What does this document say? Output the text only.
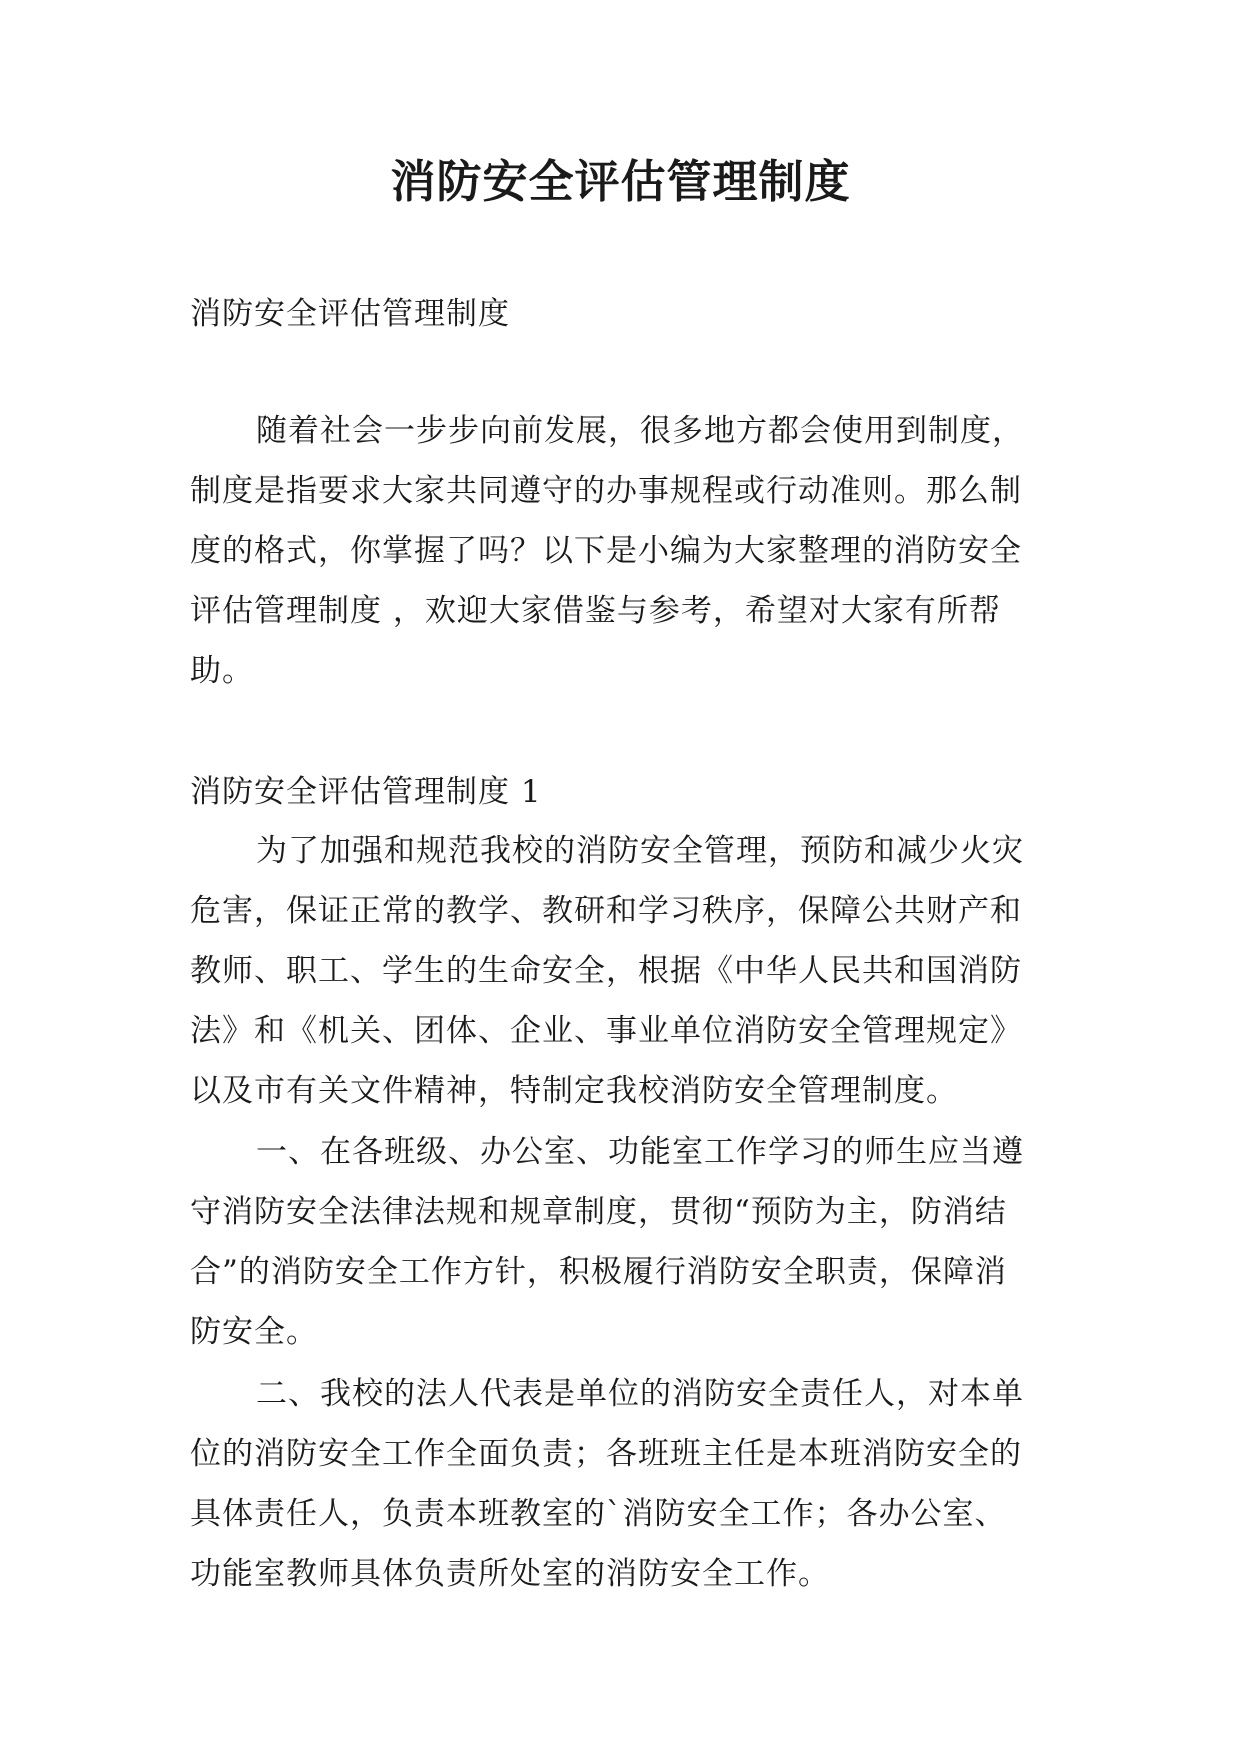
消防安全评估管理制度

消防安全评估管理制度

随着社会一步步向前发展，很多地方都会使用到制度，
制度是指要求大家共同遵守的办事规程或行动准则。那么制
度的格式，你掌握了吗？以下是小编为大家整理的消防安全
评估管理制度 ，欢迎大家借鉴与参考，希望对大家有所帮
助。

消防安全评估管理制度 1

为了加强和规范我校的消防安全管理，预防和减少火灾
危害，保证正常的教学、教研和学习秩序，保障公共财产和
教师、职工、学生的生命安全，根据《中华人民共和国消防
法》和《机关、团体、企业、事业单位消防安全管理规定》
以及市有关文件精神，特制定我校消防安全管理制度。

一、在各班级、办公室、功能室工作学习的师生应当遵
守消防安全法律法规和规章制度，贯彻“预防为主，防消结
合”的消防安全工作方针，积极履行消防安全职责，保障消
防安全。

二、我校的法人代表是单位的消防安全责任人，对本单
位的消防安全工作全面负责；各班班主任是本班消防安全的
具体责任人，负责本班教室的`消防安全工作；各办公室、
功能室教师具体负责所处室的消防安全工作。
